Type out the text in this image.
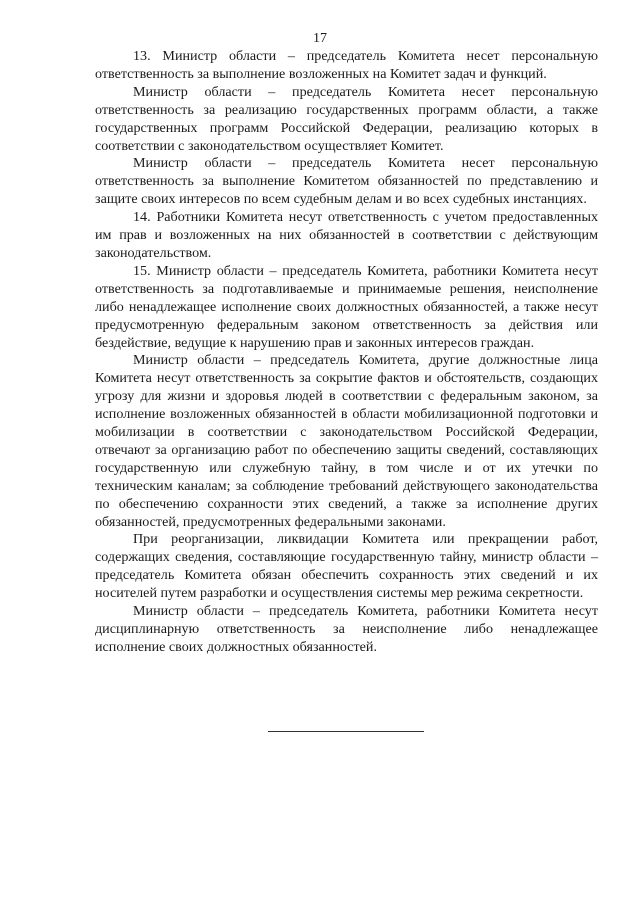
17

13. Министр области – председатель Комитета несет персональную ответственность за выполнение возложенных на Комитет задач и функций.

Министр области – председатель Комитета несет персональную ответственность за реализацию государственных программ области, а также государственных программ Российской Федерации, реализацию которых в соответствии с законодательством осуществляет Комитет.

Министр области – председатель Комитета несет персональную ответственность за выполнение Комитетом обязанностей по представлению и защите своих интересов по всем судебным делам и во всех судебных инстанциях.

14. Работники Комитета несут ответственность с учетом предоставленных им прав и возложенных на них обязанностей в соответствии с действующим законодательством.

15. Министр области – председатель Комитета, работники Комитета несут ответственность за подготавливаемые и принимаемые решения, неисполнение либо ненадлежащее исполнение своих должностных обязанностей, а также несут предусмотренную федеральным законом ответственность за действия или бездействие, ведущие к нарушению прав и законных интересов граждан.

Министр области – председатель Комитета, другие должностные лица Комитета несут ответственность за сокрытие фактов и обстоятельств, создающих угрозу для жизни и здоровья людей в соответствии с федеральным законом, за исполнение возложенных обязанностей в области мобилизационной подготовки и мобилизации в соответствии с законодательством Российской Федерации, отвечают за организацию работ по обеспечению защиты сведений, составляющих государственную или служебную тайну, в том числе и от их утечки по техническим каналам; за соблюдение требований действующего законодательства по обеспечению сохранности этих сведений, а также за исполнение других обязанностей, предусмотренных федеральными законами.

При реорганизации, ликвидации Комитета или прекращении работ, содержащих сведения, составляющие государственную тайну, министр области – председатель Комитета обязан обеспечить сохранность этих сведений и их носителей путем разработки и осуществления системы мер режима секретности.

Министр области – председатель Комитета, работники Комитета несут дисциплинарную ответственность за неисполнение либо ненадлежащее исполнение своих должностных обязанностей.
